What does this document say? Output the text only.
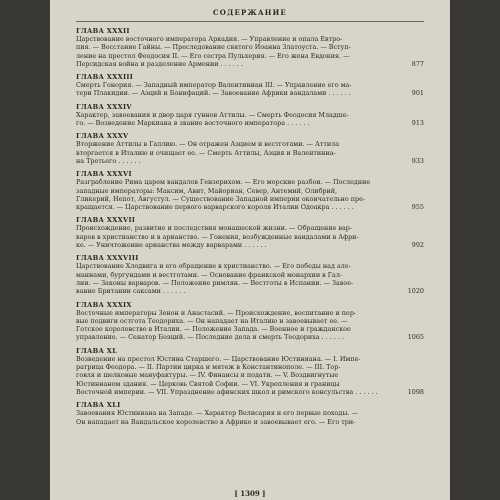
СОДЕРЖАНИЕ
ГЛАВА XXXII
Царствование восточного императора Аркадия. — Управление и опала Евтро-
пия. — Восстание Гайны. — Преследование святого Иоанна Златоуста. — Вступ-
ление на престол Феодосия II. — Его сестра Пульхерия. — Его жена Евдокия. —
Персидская война и разделение Армении . . . . . .	877
ГЛАВА XXXIII
Смерть Гонория. — Западный император Валентиниан III. — Управление его ма-
тери Плакидии. — Аэций и Бонифаций. — Завоевание Африки вандалами . . . . . .	901
ГЛАВА XXXIV
Характер, завоевания и двор царя гуннов Аттилы. — Смерть Феодосия Младше-
го. — Возведение Маркиана в звание восточного императора . . . . . .	913
ГЛАВА XXXV
Вторжение Аттилы в Галлию. — Он отражен Аэцием и вестготами. — Аттила
вторгается в Италию и очищает ее. — Смерть Аттилы, Аэция и Валентиниа-
на Третьего . . . . . .	933
ГЛАВА XXXVI
Разграбление Рима царем вандалов Гензерихом. — Его морские разбои. — Последние
западные императоры: Максим, Авит, Майориан, Север, Антемий, Олибрий,
Гликерий, Непот, Августул. — Существование Западной империи окончательно пре-
кращается. — Царствование первого варварского короля Италии Одоакра . . . . . .	955
ГЛАВА XXXVII
Происхождение, развитие и последствия монашеской жизни. — Обращение вар-
варов в христианство и в арианство. — Гонения, возбужденные вандалами в Афри-
ке. — Уничтожение арианства между варварами . . . . . .	992
ГЛАВА XXXVIII
Царствование Хлодвига и его обращение в христианство. — Его победы над але-
маннами, бургундами и вестготами. — Основание франкской монархии в Гал-
лии. — Законы варваров. — Положение римлян. — Вестготы в Испании. — Завое-
вание Британии саксами . . . . . .	1020
ГЛАВА XXXIX
Восточные императоры Зенон и Анастасий. — Происхождение, воспитание и пер-
вые подвиги остгота Теодориха. — Он нападает на Италию и завоевывает ее. —
Готское королевство в Италии. — Положение Запада. — Военное и гражданское
управление. — Сенатор Боэций. — Последние дела и смерть Теодориха . . . . . .	1065
ГЛАВА XL
Возведение на престол Юстина Старшего. — Царствование Юстиниана. — I. Импе-
ратрица Феодора. — II. Партии цирка и мятеж в Константинополе. — III. Тор-
говля и шелковые мануфактуры. — IV. Финансы и подати. — V. Воздвигнутые
Юстинианом здания. — Церковь Святой Софии. — VI. Укрепления и границы
Восточной империи. — VII. Упразднение афинских школ и римского консульства . . . . . .	1098
ГЛАВА XLI
Завоевания Юстиниана на Западе. — Характер Велисария и его первые походы. —
Он нападает на Вандальское королевство в Африке и завоевывает его. — Его три-
[ 1309 ]
